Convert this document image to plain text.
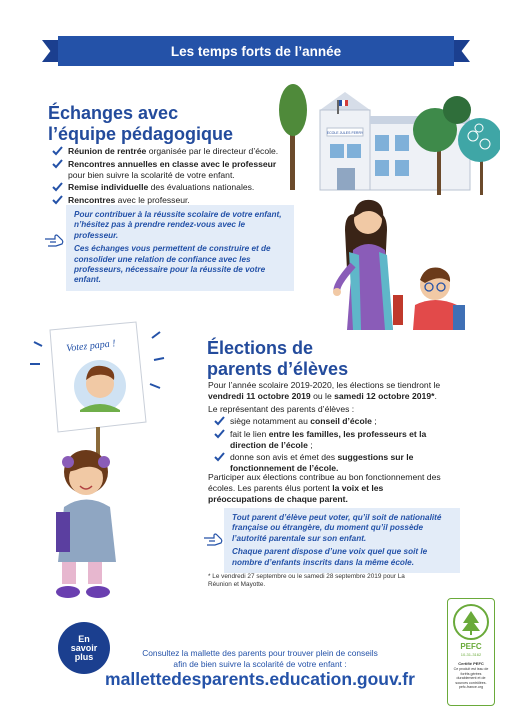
Les temps forts de l’année
Échanges avec
l’équipe pédagogique
Réunion de rentrée organisée par le directeur d’école.
Rencontres annuelles en classe avec le professeur pour bien suivre la scolarité de votre enfant.
Remise individuelle des évaluations nationales.
Rencontres avec le professeur.

Pour contribuer à la réussite scolaire de votre enfant, n’hésitez pas à prendre rendez-vous avec le professeur.

Ces échanges vous permettent de construire et de consolider une relation de confiance avec les professeurs, nécessaire pour la réussite de votre enfant.

ECOLE JULES FERRY
Votez papa !	Élections de
parents d’élèves
Pour l’année scolaire 2019-2020, les élections se tiendront le vendredi 11 octobre 2019 ou le samedi 12 octobre 2019*.
Le représentant des parents d’élèves :
siège notamment au conseil d’école ;
fait le lien entre les familles, les professeurs et la direction de l’école ;
donne son avis et émet des suggestions sur le fonctionnement de l’école.
Participer aux élections contribue au bon fonctionnement des écoles. Les parents élus portent la voix et les préoccupations de chaque parent.

Tout parent d’élève peut voter, qu’il soit de nationalité française ou étrangère, du moment qu’il possède l’autorité parentale sur son enfant.

Chaque parent dispose d’une voix quel que soit le nombre d’enfants inscrits dans la même école.

* Le vendredi 27 septembre ou le samedi 28 septembre 2019 pour La Réunion et Mayotte.
En
savoir
plus	Consultez la mallette des parents pour trouver plein de conseils
afin de bien suivre la scolarité de votre enfant :
mallettedesparents.education.gouv.fr
PEFC
10-31-3162
Certifié PEFC
Ce produit est issu de forêts gérées durablement et de sources contrôlées. pefc-france.org
